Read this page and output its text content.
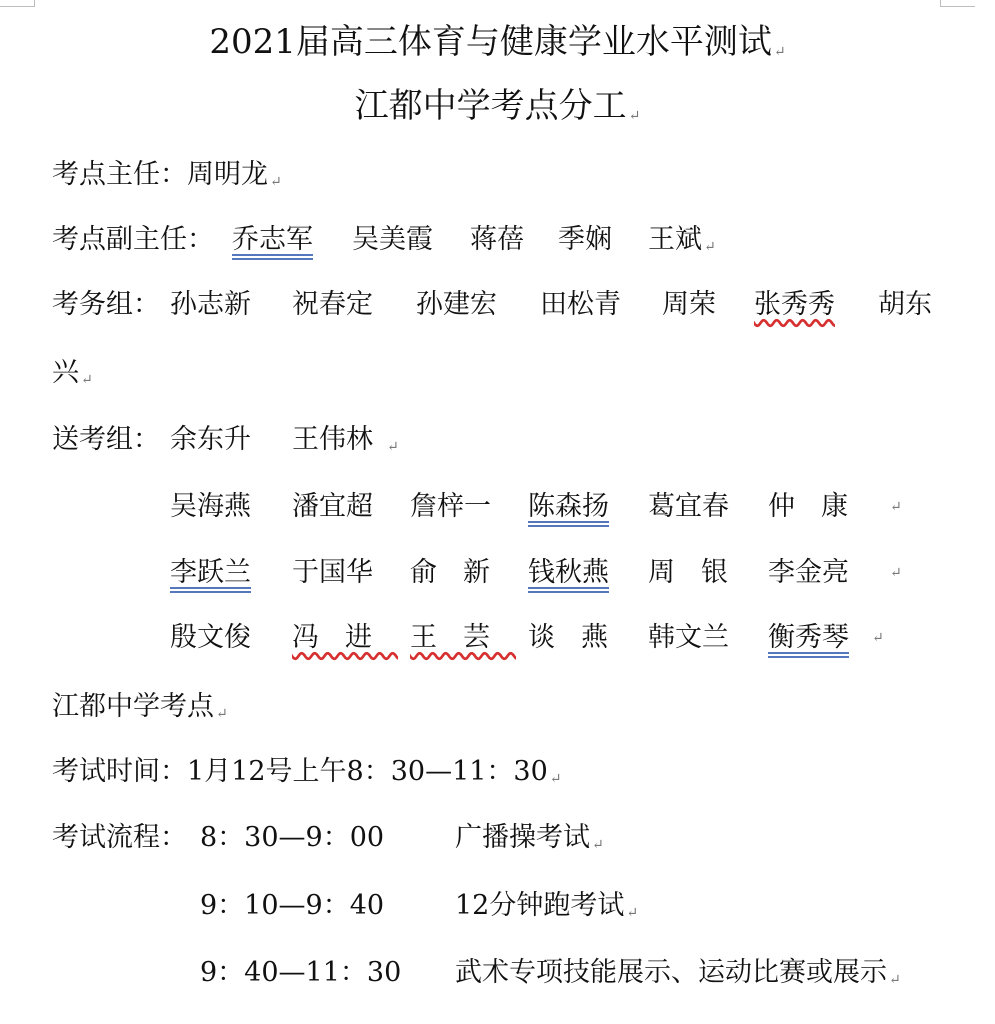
2021届高三体育与健康学业水平测试 ↵
江都中学考点分工 ↵
考点主任：周明龙 ↵
考点副主任： 乔志军 吴美霞 蒋蓓 季娴 王斌 ↵
考务组： 孙志新 祝春定 孙建宏 田松青 周荣 张秀秀 胡东
兴 ↵
送考组： 余东升 王伟林 ↵
吴海燕 潘宜超 詹梓一 陈森扬 葛宜春 仲康 ↵
李跃兰 于国华 俞新 钱秋燕 周银 李金亮	↵
殷文俊 冯进 王芸 谈燕 韩文兰 衡秀琴 ↵
江都中学考点 ↵
考试时间：1月12号上午8：30—11：30 ↵
考试流程： 8：30—9：00	广播操考试 ↵
9：10—9：40	12分钟跑考试 ↵
9：40—11：30 武术专项技能展示、运动比赛或展示 ↵
